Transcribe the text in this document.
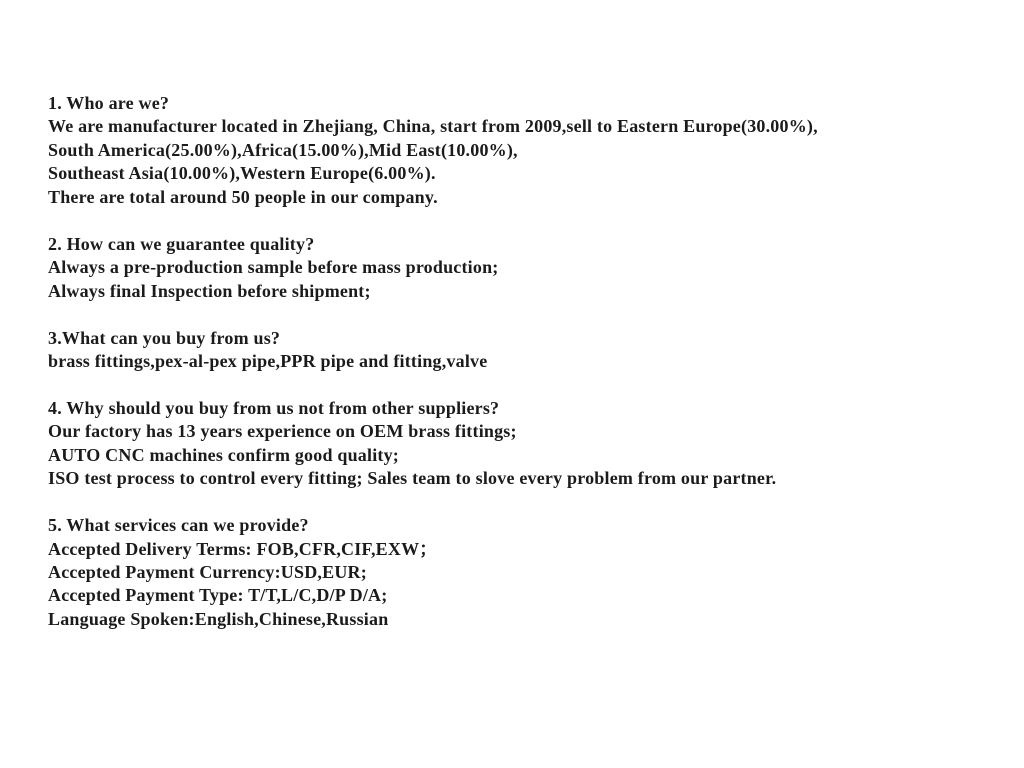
1. Who are we?
We are manufacturer located in Zhejiang, China, start from 2009,sell to Eastern Europe(30.00%),
South America(25.00%),Africa(15.00%),Mid East(10.00%),
Southeast Asia(10.00%),Western Europe(6.00%).
There are total around 50 people in our company.
2. How can we guarantee quality?
Always a pre-production sample before mass production;
Always final Inspection before shipment;
3.What can you buy from us?
brass fittings,pex-al-pex pipe,PPR pipe and fitting,valve
4. Why should you buy from us not from other suppliers?
Our factory has 13 years experience on OEM brass fittings;
AUTO CNC machines confirm good quality;
ISO test process to control every fitting; Sales team to slove every problem from our partner.
5. What services can we provide?
Accepted Delivery Terms: FOB,CFR,CIF,EXW；
Accepted Payment Currency:USD,EUR;
Accepted Payment Type: T/T,L/C,D/P D/A;
Language Spoken:English,Chinese,Russian
